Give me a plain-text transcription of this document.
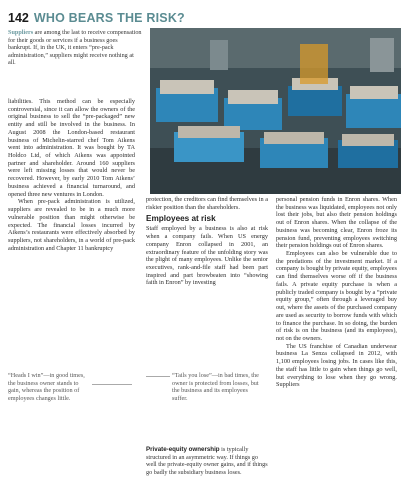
142 WHO BEARS THE RISK?
Suppliers are among the last to receive compensation for their goods or services if a business goes bankrupt. If, in the UK, it enters “pre-pack administration,” suppliers might receive nothing at all.

liabilities. This method can be especially controversial, since it can allow the owners of the original business to sell the “pre-packaged” new entity and still be involved in the business. In August 2008 the London-based restaurant business of Michelin-starred chef Tom Aikens went into administration. It was bought by TA Holdco Ltd, of which Aikens was appointed partner and shareholder. Around 160 suppliers were left missing losses that would never be recovered. However, by early 2010 Tom Aikens’ business achieved a financial turnaround, and opened three new ventures in London.

When pre-pack administration is utilized, suppliers are revealed to be in a much more vulnerable position than might otherwise be expected. The financial losses incurred by Aikens’s restaurants were effectively absorbed by suppliers, not shareholders, in a world of pre-pack administration and Chapter 11 bankruptcy

protection, the creditors can find themselves in a riskier position than the shareholders.

Employees at risk

Staff employed by a business is also at risk when a company fails. When US energy company Enron collapsed in 2001, an extraordinary feature of the unfolding story was the plight of many employees. Unlike the senior executives, rank-and-file staff had been part inspired and part browbeaten into “showing faith in Enron” by investing

personal pension funds in Enron shares. When the business was liquidated, employees not only lost their jobs, but also their pension holdings out of Enron shares. When the collapse of the business was becoming clear, Enron froze its pension fund, preventing employees switching their pension holdings out of Enron shares.

Employees can also be vulnerable due to the predations of the investment market. If a company is bought by private equity, employees can find themselves worse off if the business fails. A private equity purchase is when a publicly traded company is bought by a “private equity group,” often through a leveraged buy out, where the assets of the purchased company are used as security to borrow funds with which to finance the purchase. In so doing, the burden of risk is on the business (and its employees), not on the owners.

The US franchise of Canadian underwear business La Senza collapsed in 2012, with 1,100 employees losing jobs. In cases like this, the staff has little to gain when things go well, but everything to lose when they go wrong. Suppliers

“Heads I win”—in good times, the business owner stands to gain, whereas the position of employees changes little.
“Tails you lose”—in bad times, the owner is protected from losses, but the business and its employees suffer.
Private-equity ownership is typically structured in an asymmetric way. If things go well the private-equity owner gains, and if things go badly the subsidiary business loses.
